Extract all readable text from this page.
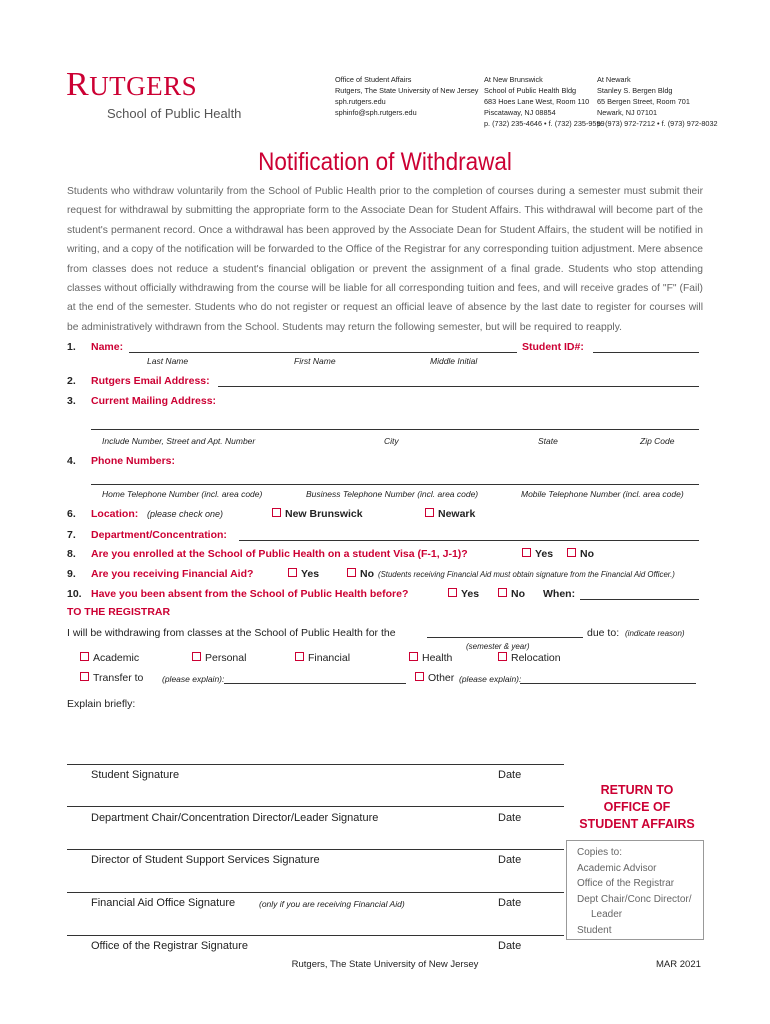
RUTGERS
School of Public Health
Office of Student Affairs
Rutgers, The State University of New Jersey
sph.rutgers.edu
sphinfo@sph.rutgers.edu
At New Brunswick
School of Public Health Bldg
683 Hoes Lane West, Room 110
Piscataway, NJ 08854
p. (732) 235-4646 • f. (732) 235-9599
At Newark
Stanley S. Bergen Bldg
65 Bergen Street, Room 701
Newark, NJ 07101
p. (973) 972-7212 • f. (973) 972-8032
Notification of Withdrawal
Students who withdraw voluntarily from the School of Public Health prior to the completion of courses during a semester must submit their request for withdrawal by submitting the appropriate form to the Associate Dean for Student Affairs. This withdrawal will become part of the student's permanent record. Once a withdrawal has been approved by the Associate Dean for Student Affairs, the student will be notified in writing, and a copy of the notification will be forwarded to the Office of the Registrar for any corresponding tuition adjustment. Mere absence from classes does not reduce a student's financial obligation or prevent the assignment of a final grade. Students who stop attending classes without officially withdrawing from the course will be liable for all corresponding tuition and fees, and will receive grades of "F" (Fail) at the end of the semester. Students who do not register or request an official leave of absence by the last date to register for courses will be administratively withdrawn from the School. Students may return the following semester, but will be required to reapply.
1. Name:	Student ID#:
Last Name	First Name	Middle Initial
2. Rutgers Email Address:
3. Current Mailing Address:
Include Number, Street and Apt. Number	City	State	Zip Code
4. Phone Numbers:
Home Telephone Number (incl. area code)	Business Telephone Number (incl. area code)	Mobile Telephone Number (incl. area code)
6. Location: (please check one)	New Brunswick	Newark
7. Department/Concentration:
8. Are you enrolled at the School of Public Health on a student Visa (F-1, J-1)?	Yes	No
9. Are you receiving Financial Aid?	Yes	No (Students receiving Financial Aid must obtain signature from the Financial Aid Officer.)
10. Have you been absent from the School of Public Health before?	Yes	No When:
TO THE REGISTRAR
I will be withdrawing from classes at the School of Public Health for the	due to: (indicate reason)
(semester & year)
Academic	Personal	Financial	Health	Relocation
Transfer to (please explain):	Other (please explain):
Explain briefly:
Student Signature	Date
Department Chair/Concentration Director/Leader Signature	Date
Director of Student Support Services Signature	Date
Financial Aid Office Signature	(only if you are receiving Financial Aid)	Date
Office of the Registrar Signature	Date
RETURN TO
OFFICE OF
STUDENT AFFAIRS
Copies to:
Academic Advisor
Office of the Registrar
Dept Chair/Conc Director/
Leader
Student
Rutgers, The State University of New Jersey	MAR 2021
